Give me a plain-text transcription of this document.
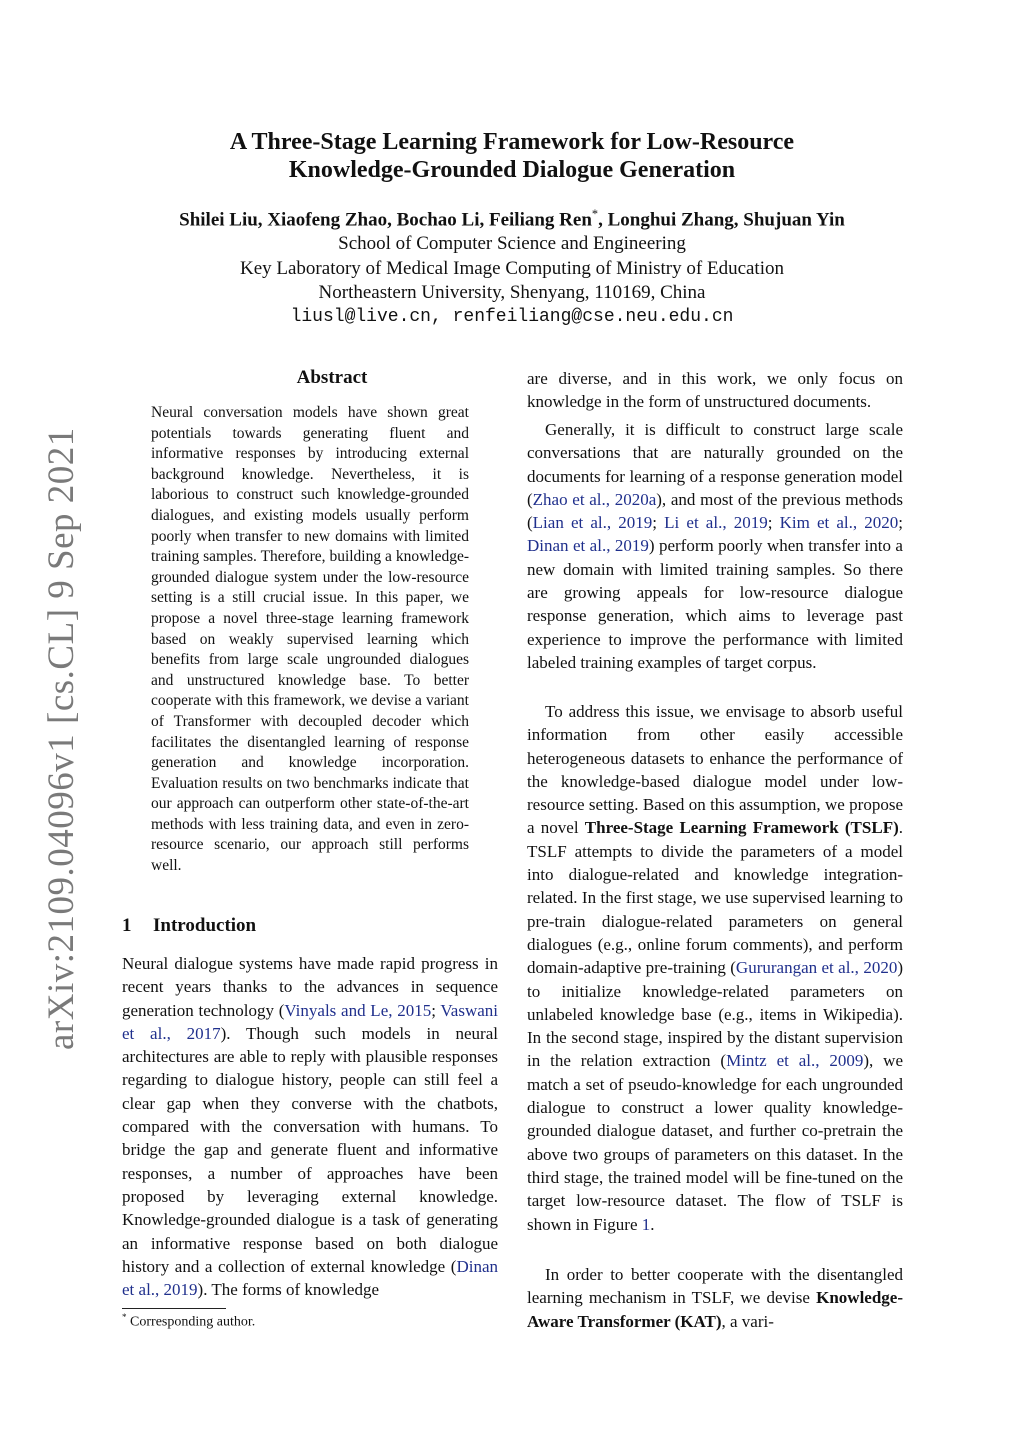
arXiv:2109.04096v1 [cs.CL] 9 Sep 2021
A Three-Stage Learning Framework for Low-Resource
Knowledge-Grounded Dialogue Generation
Shilei Liu, Xiaofeng Zhao, Bochao Li, Feiliang Ren*, Longhui Zhang, Shujuan Yin
School of Computer Science and Engineering
Key Laboratory of Medical Image Computing of Ministry of Education
Northeastern University, Shenyang, 110169, China
liusl@live.cn, renfeiliang@cse.neu.edu.cn
Abstract
Neural conversation models have shown great potentials towards generating fluent and informative responses by introducing external background knowledge. Nevertheless, it is laborious to construct such knowledge-grounded dialogues, and existing models usually perform poorly when transfer to new domains with limited training samples. Therefore, building a knowledge-grounded dialogue system under the low-resource setting is a still crucial issue. In this paper, we propose a novel three-stage learning framework based on weakly supervised learning which benefits from large scale ungrounded dialogues and unstructured knowledge base. To better cooperate with this framework, we devise a variant of Transformer with decoupled decoder which facilitates the disentangled learning of response generation and knowledge incorporation. Evaluation results on two benchmarks indicate that our approach can outperform other state-of-the-art methods with less training data, and even in zero-resource scenario, our approach still performs well.
1 Introduction
Neural dialogue systems have made rapid progress in recent years thanks to the advances in sequence generation technology (Vinyals and Le, 2015; Vaswani et al., 2017). Though such models in neural architectures are able to reply with plausible responses regarding to dialogue history, people can still feel a clear gap when they converse with the chatbots, compared with the conversation with humans. To bridge the gap and generate fluent and informative responses, a number of approaches have been proposed by leveraging external knowledge. Knowledge-grounded dialogue is a task of generating an informative response based on both dialogue history and a collection of external knowledge (Dinan et al., 2019). The forms of knowledge
are diverse, and in this work, we only focus on knowledge in the form of unstructured documents.
Generally, it is difficult to construct large scale conversations that are naturally grounded on the documents for learning of a response generation model (Zhao et al., 2020a), and most of the previous methods (Lian et al., 2019; Li et al., 2019; Kim et al., 2020; Dinan et al., 2019) perform poorly when transfer into a new domain with limited training samples. So there are growing appeals for low-resource dialogue response generation, which aims to leverage past experience to improve the performance with limited labeled training examples of target corpus.
To address this issue, we envisage to absorb useful information from other easily accessible heterogeneous datasets to enhance the performance of the knowledge-based dialogue model under low-resource setting. Based on this assumption, we propose a novel Three-Stage Learning Framework (TSLF). TSLF attempts to divide the parameters of a model into dialogue-related and knowledge integration-related. In the first stage, we use supervised learning to pre-train dialogue-related parameters on general dialogues (e.g., online forum comments), and perform domain-adaptive pre-training (Gururangan et al., 2020) to initialize knowledge-related parameters on unlabeled knowledge base (e.g., items in Wikipedia). In the second stage, inspired by the distant supervision in the relation extraction (Mintz et al., 2009), we match a set of pseudo-knowledge for each ungrounded dialogue to construct a lower quality knowledge-grounded dialogue dataset, and further co-pretrain the above two groups of parameters on this dataset. In the third stage, the trained model will be fine-tuned on the target low-resource dataset. The flow of TSLF is shown in Figure 1.
In order to better cooperate with the disentangled learning mechanism in TSLF, we devise Knowledge-Aware Transformer (KAT), a vari-
* Corresponding author.
